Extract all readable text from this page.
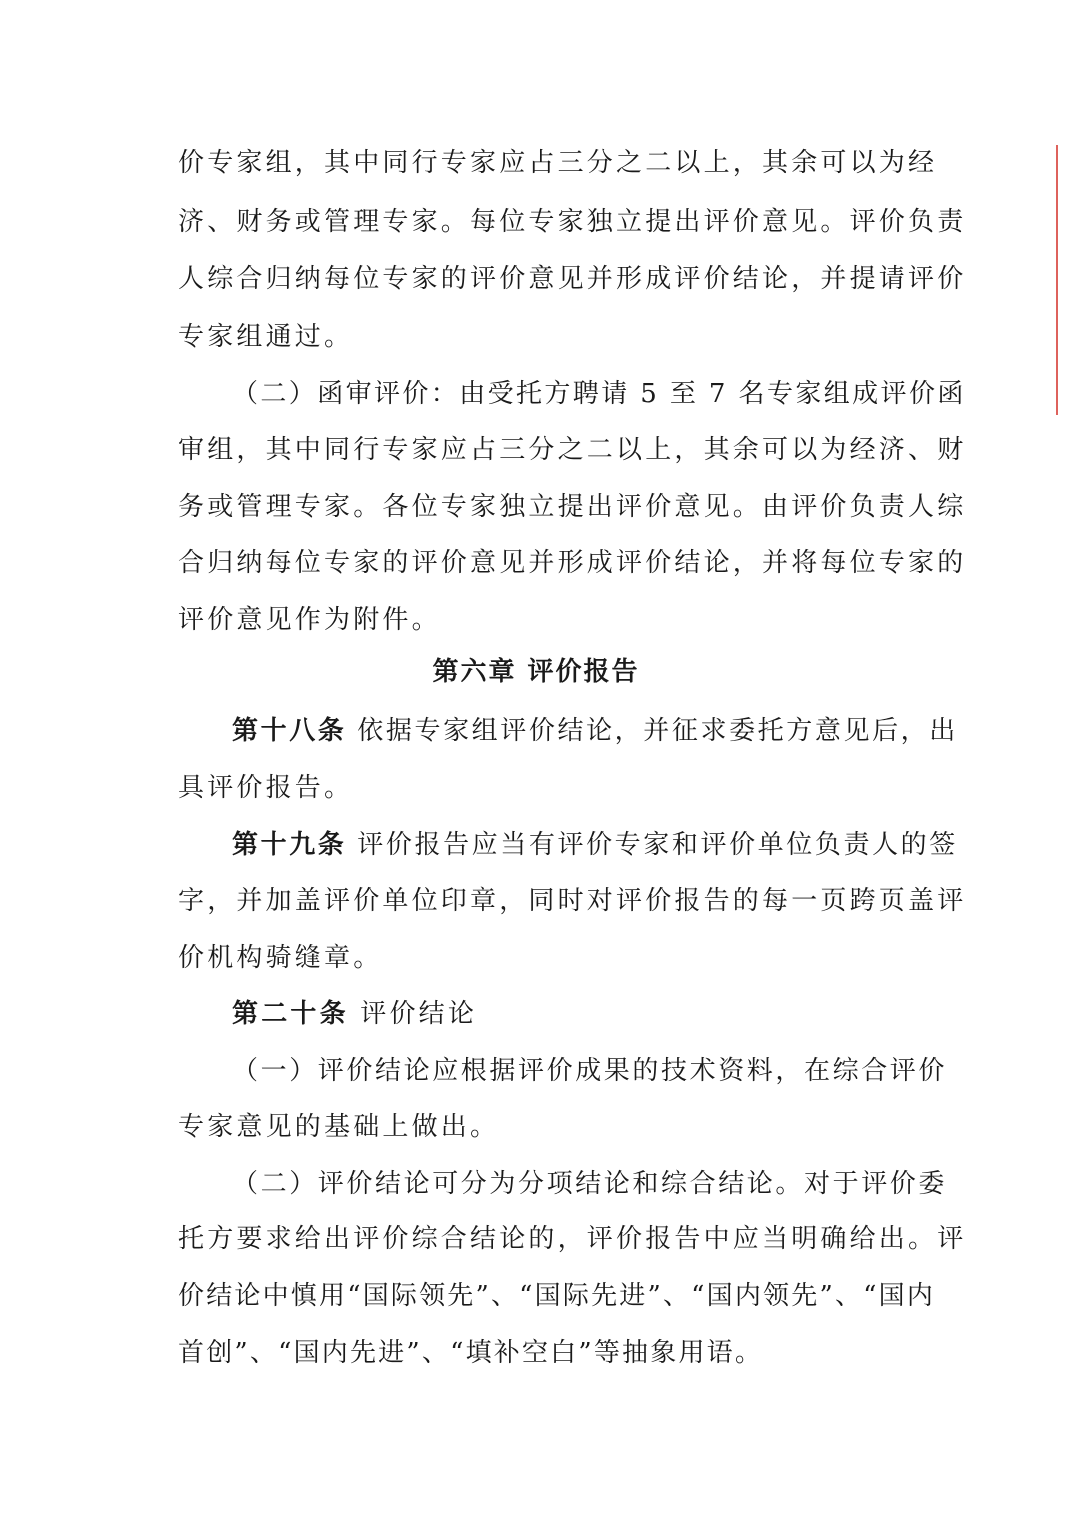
价专家组，其中同行专家应占三分之二以上，其余可以为经
济、财务或管理专家。每位专家独立提出评价意见。评价负责
人综合归纳每位专家的评价意见并形成评价结论，并提请评价
专家组通过。
（二）函审评价：由受托方聘请 5 至 7 名专家组成评价函
审组，其中同行专家应占三分之二以上，其余可以为经济、财
务或管理专家。各位专家独立提出评价意见。由评价负责人综
合归纳每位专家的评价意见并形成评价结论，并将每位专家的
评价意见作为附件。
第六章 评价报告
第十八条 依据专家组评价结论，并征求委托方意见后，出
具评价报告。
第十九条 评价报告应当有评价专家和评价单位负责人的签
字，并加盖评价单位印章，同时对评价报告的每一页跨页盖评
价机构骑缝章。
第二十条 评价结论
（一）评价结论应根据评价成果的技术资料，在综合评价
专家意见的基础上做出。
（二）评价结论可分为分项结论和综合结论。对于评价委
托方要求给出评价综合结论的，评价报告中应当明确给出。评
价结论中慎用“国际领先”、“国际先进”、“国内领先”、“国内
首创”、“国内先进”、“填补空白”等抽象用语。
